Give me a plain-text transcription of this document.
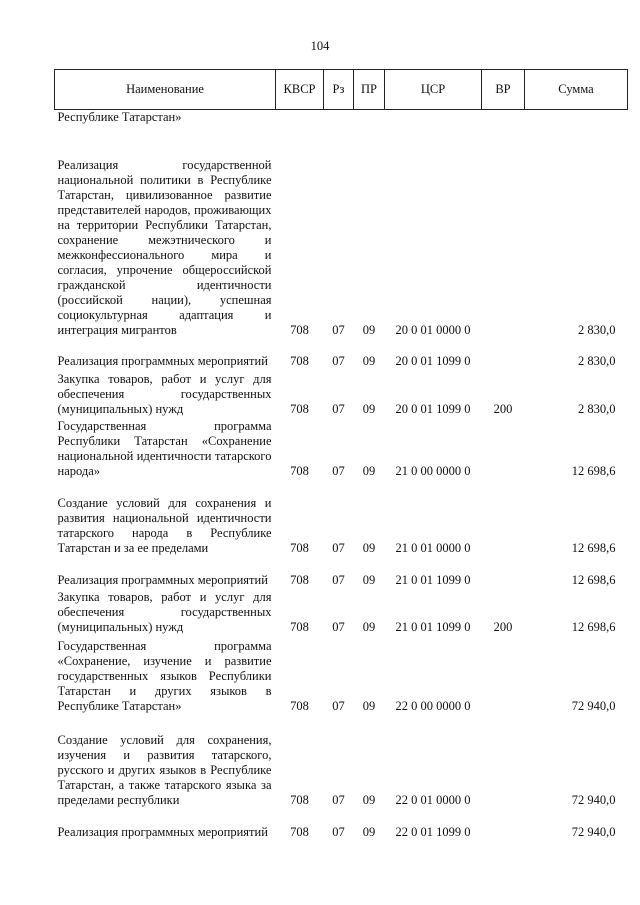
104
Наименование	КВСР	Рз	ПР	ЦСР	ВР	Сумма
Республике Татарстан»						
Реализация государственной национальной политики в Республике Татарстан, цивилизованное развитие представителей народов, проживающих на территории Республики Татарстан, сохранение межэтнического и межконфессионального мира и согласия, упрочение общероссийской гражданской идентичности (российской нации), успешная социокультурная адаптация и интеграция мигрантов	708	07	09	20 0 01 0000 0		2 830,0
Реализация программных мероприятий	708	07	09	20 0 01 1099 0		2 830,0
Закупка товаров, работ и услуг для обеспечения государственных (муниципальных) нужд	708	07	09	20 0 01 1099 0	200	2 830,0
Государственная программа Республики Татарстан «Сохранение национальной идентичности татарского народа»	708	07	09	21 0 00 0000 0		12 698,6
Создание условий для сохранения и развития национальной идентичности татарского народа в Республике Татарстан и за ее пределами	708	07	09	21 0 01 0000 0		12 698,6
Реализация программных мероприятий	708	07	09	21 0 01 1099 0		12 698,6
Закупка товаров, работ и услуг для обеспечения государственных (муниципальных) нужд	708	07	09	21 0 01 1099 0	200	12 698,6
Государственная программа «Сохранение, изучение и развитие государственных языков Республики Татарстан и других языков в Республике Татарстан»	708	07	09	22 0 00 0000 0		72 940,0
Создание условий для сохранения, изучения и развития татарского, русского и других языков в Республике Татарстан, а также татарского языка за пределами республики	708	07	09	22 0 01 0000 0		72 940,0
Реализация программных мероприятий	708	07	09	22 0 01 1099 0		72 940,0
